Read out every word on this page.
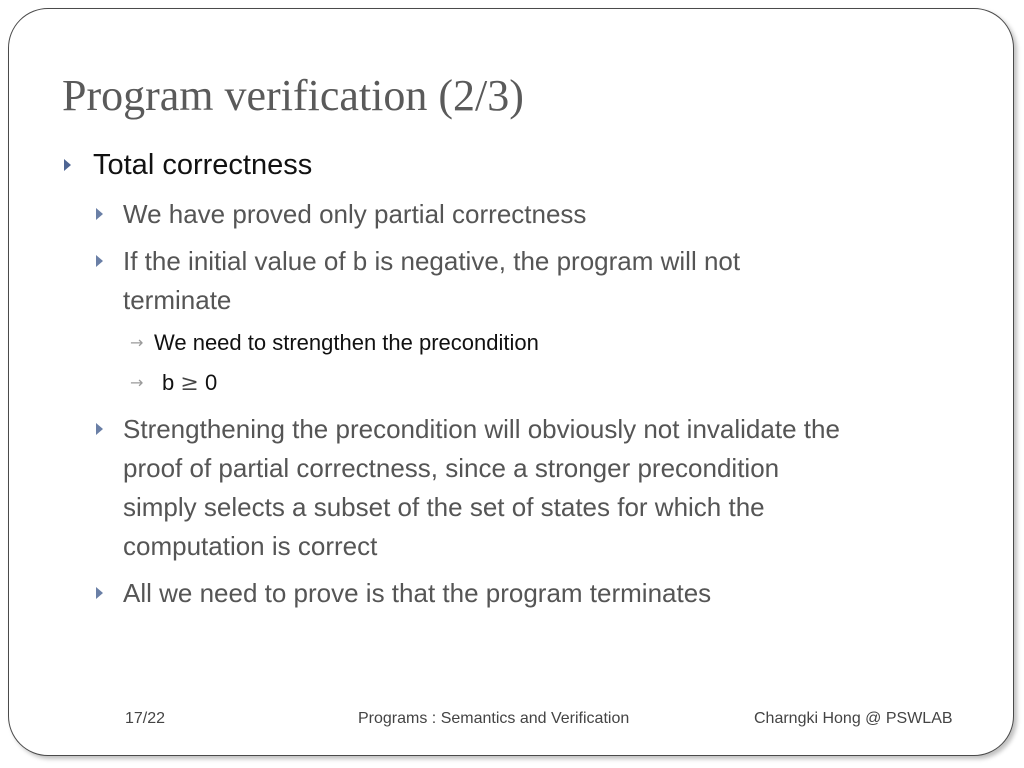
Program verification (2/3)

Total correctness

We have proved only partial correctness

If the initial value of b is negative, the program will not
terminate
→ We need to strengthen the precondition

→ b ≥ 0

Strengthening the precondition will obviously not invalidate the
proof of partial correctness, since a stronger precondition
simply selects a subset of the set of states for which the
computation is correct

All we need to prove is that the program terminates

17/22	Programs : Semantics and Verification	Charngki Hong @ PSWLAB
